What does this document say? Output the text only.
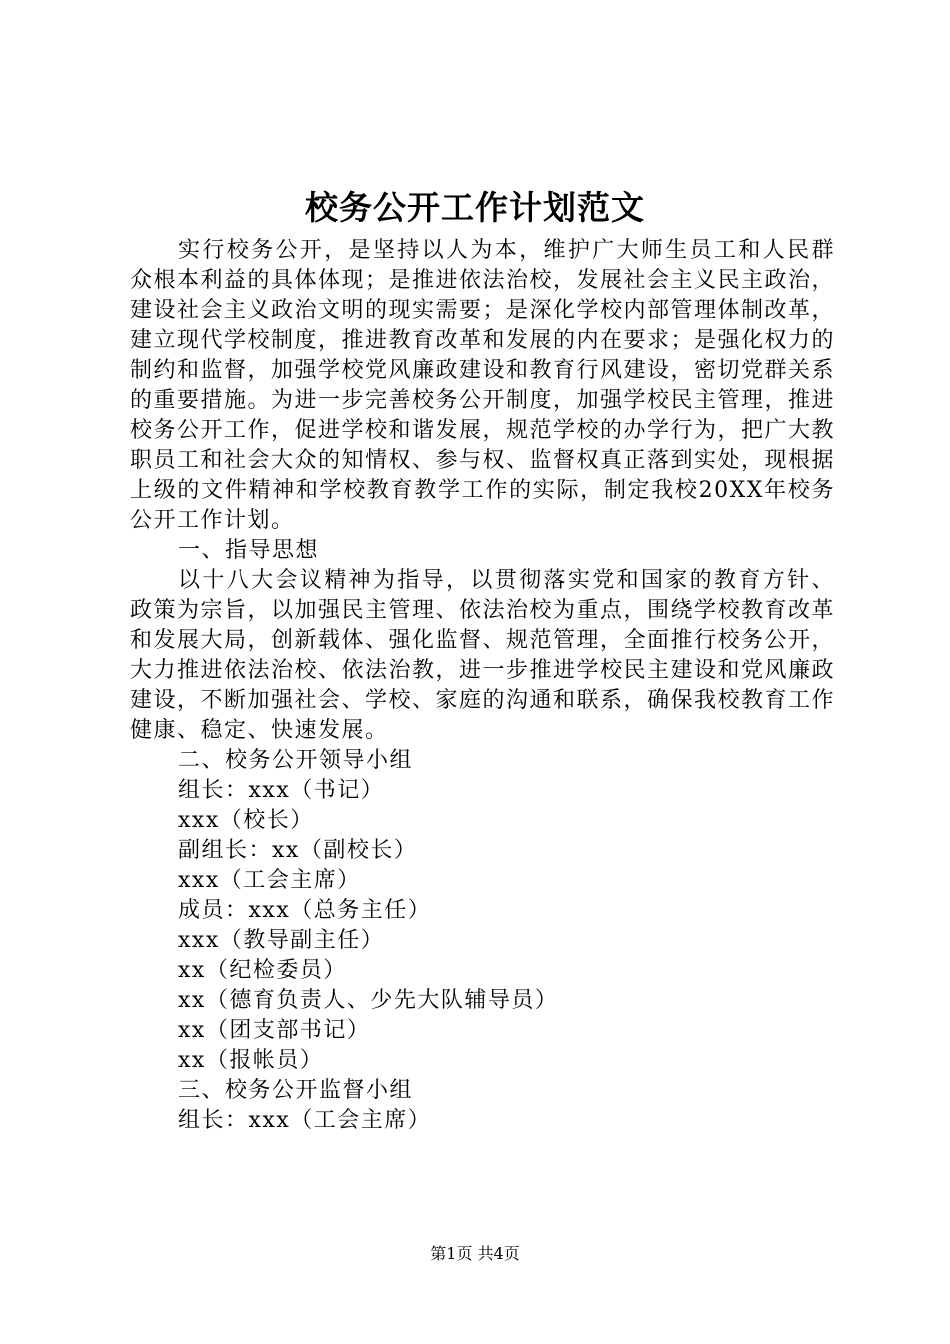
校务公开工作计划范文

实行校务公开，是坚持以人为本，维护广大师生员工和人民群众根本利益的具体体现；是推进依法治校，发展社会主义民主政治，建设社会主义政治文明的现实需要；是深化学校内部管理体制改革，建立现代学校制度，推进教育改革和发展的内在要求；是强化权力的制约和监督，加强学校党风廉政建设和教育行风建设，密切党群关系的重要措施。为进一步完善校务公开制度，加强学校民主管理，推进校务公开工作，促进学校和谐发展，规范学校的办学行为，把广大教职员工和社会大众的知情权、参与权、监督权真正落到实处，现根据上级的文件精神和学校教育教学工作的实际，制定我校20XX年校务公开工作计划。

一、指导思想

以十八大会议精神为指导，以贯彻落实党和国家的教育方针、政策为宗旨，以加强民主管理、依法治校为重点，围绕学校教育改革和发展大局，创新载体、强化监督、规范管理，全面推行校务公开，大力推进依法治校、依法治教，进一步推进学校民主建设和党风廉政建设，不断加强社会、学校、家庭的沟通和联系，确保我校教育工作健康、稳定、快速发展。

二、校务公开领导小组

组长：xxx（书记）

xxx（校长）

副组长：xx（副校长）

xxx（工会主席）

成员：xxx（总务主任）

xxx（教导副主任）

xx（纪检委员）

xx（德育负责人、少先大队辅导员）

xx（团支部书记）

xx（报帐员）

三、校务公开监督小组

组长：xxx（工会主席）

第1页 共4页
